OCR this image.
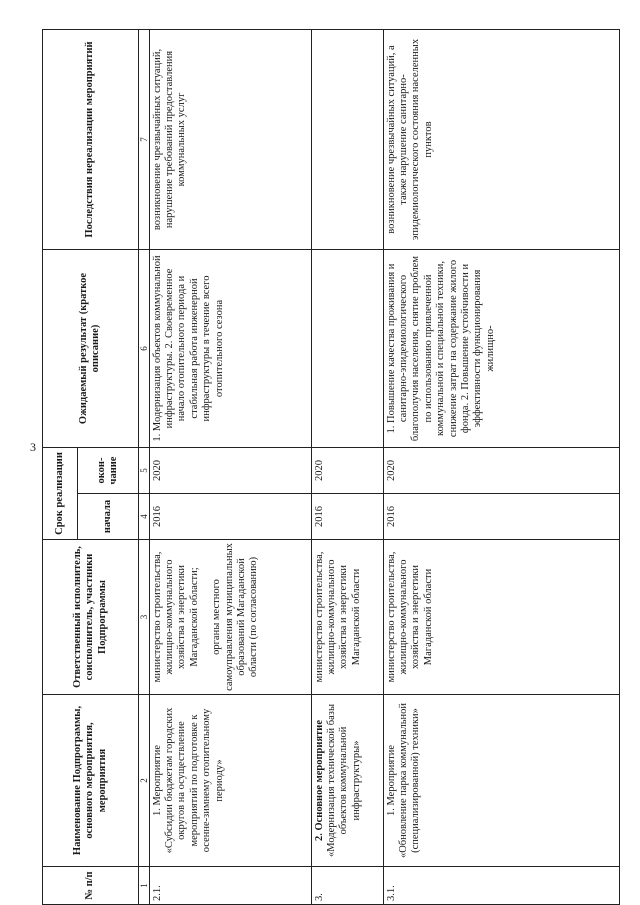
3
№ п/п	Наименование Подпрограммы, основного мероприятия, мероприятия	Ответственный исполнитель, соисполнитель, участники Подпрограммы	Срок реализации		Ожидаемый результат (краткое описание)	Последствия нереализации мероприятий
			начала	окон-чание		
1	2	3	4	5	6	7
2.1.	1. Мероприятие
«Субсидии бюджетам городских округов на осуществление мероприятий по подготовке к осенне-зимнему отопительному периоду»	министерство строительства, жилищно-коммунального хозяйства и энергетики Магаданской области; органы местного самоуправления муниципальных образований Магаданской области (по согласованию)	2016	2020	1. Модернизация объектов коммунальной инфраструктуры. 2. Своевременное начало отопительного периода и стабильная работа инженерной инфраструктуры в течение всего отопительного сезона	возникновение чрезвычайных ситуаций, нарушение требований предоставления коммунальных услуг
3.	2. Основное мероприятие
«Модернизация технической базы объектов коммунальной инфраструктуры»	министерство строительства, жилищно-коммунального хозяйства и энергетики Магаданской области	2016	2020		
3.1.	1. Мероприятие
«Обновление парка коммунальной (специализированной) техники»	министерство строительства, жилищно-коммунального хозяйства и энергетики Магаданской области	2016	2020	1. Повышение качества проживания и санитарно-эпидемиологического благополучия населения, снятие проблем по использованию привлеченной коммунальной и специальной техники, снижение затрат на содержание жилого фонда. 2. Повышение устойчивости и эффективности функционирования жилищно-	возникновение чрезвычайных ситуаций, а также нарушение санитарно-эпидемиологического состояния населенных пунктов
